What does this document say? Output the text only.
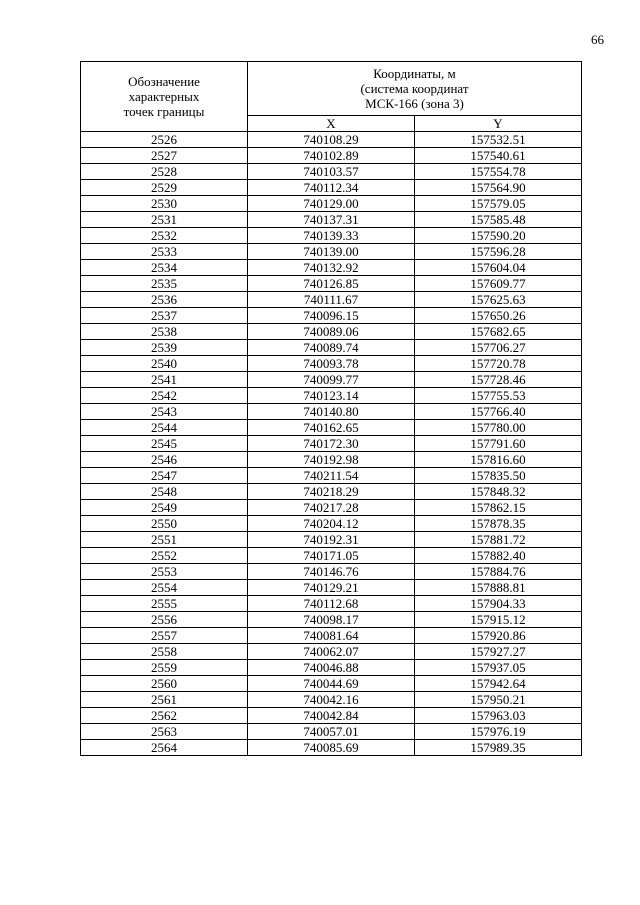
66
Обозначение
характерных
точек границы	Координаты, м
(система координат
МСК-166 (зона 3)	
	X	Y
2526	740108.29	157532.51
2527	740102.89	157540.61
2528	740103.57	157554.78
2529	740112.34	157564.90
2530	740129.00	157579.05
2531	740137.31	157585.48
2532	740139.33	157590.20
2533	740139.00	157596.28
2534	740132.92	157604.04
2535	740126.85	157609.77
2536	740111.67	157625.63
2537	740096.15	157650.26
2538	740089.06	157682.65
2539	740089.74	157706.27
2540	740093.78	157720.78
2541	740099.77	157728.46
2542	740123.14	157755.53
2543	740140.80	157766.40
2544	740162.65	157780.00
2545	740172.30	157791.60
2546	740192.98	157816.60
2547	740211.54	157835.50
2548	740218.29	157848.32
2549	740217.28	157862.15
2550	740204.12	157878.35
2551	740192.31	157881.72
2552	740171.05	157882.40
2553	740146.76	157884.76
2554	740129.21	157888.81
2555	740112.68	157904.33
2556	740098.17	157915.12
2557	740081.64	157920.86
2558	740062.07	157927.27
2559	740046.88	157937.05
2560	740044.69	157942.64
2561	740042.16	157950.21
2562	740042.84	157963.03
2563	740057.01	157976.19
2564	740085.69	157989.35
